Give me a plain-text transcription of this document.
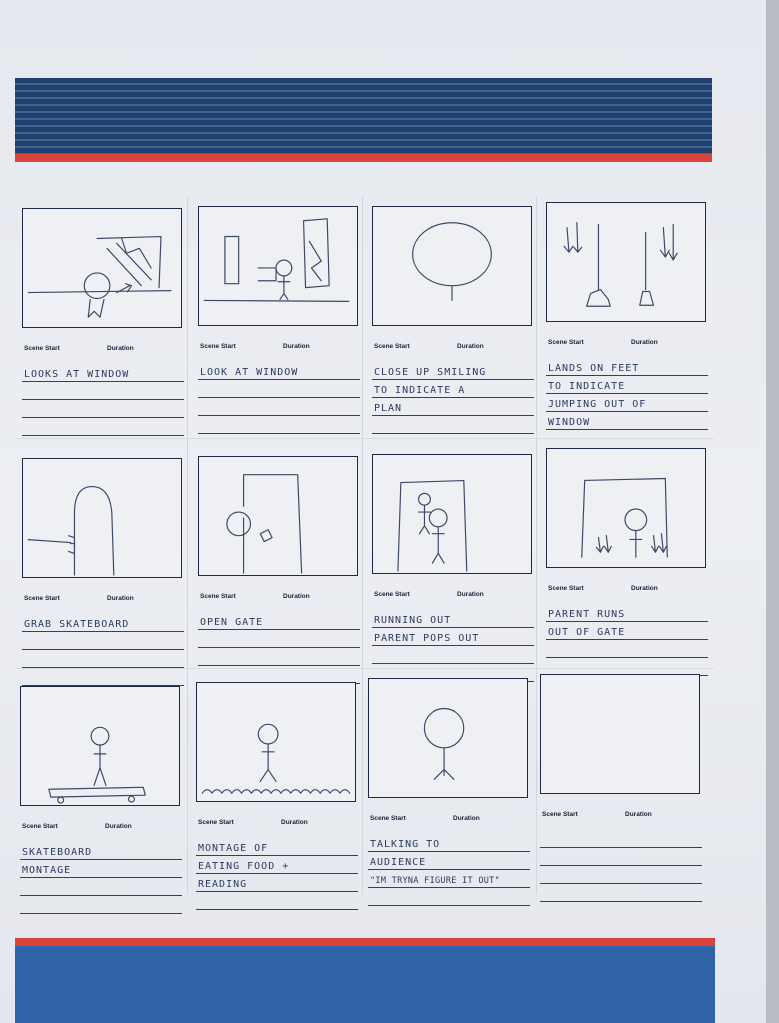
Scene Start	Duration
LOOKS AT WINDOW
Scene Start	Duration
LOOK AT WINDOW
Scene Start	Duration
CLOSE UP SMILING
TO INDICATE A
PLAN
Scene Start	Duration
LANDS ON FEET
TO INDICATE
JUMPING OUT OF
WINDOW
Scene Start	Duration
GRAB SKATEBOARD
Scene Start	Duration
OPEN GATE
Scene Start	Duration
RUNNING OUT
PARENT POPS OUT
Scene Start	Duration
PARENT RUNS
OUT OF GATE
Scene Start	Duration
SKATEBOARD
MONTAGE
Scene Start	Duration
MONTAGE OF
EATING FOOD +
READING
Scene Start	Duration
TALKING TO
AUDIENCE
"IM TRYNA FIGURE IT OUT"
Scene Start	Duration
